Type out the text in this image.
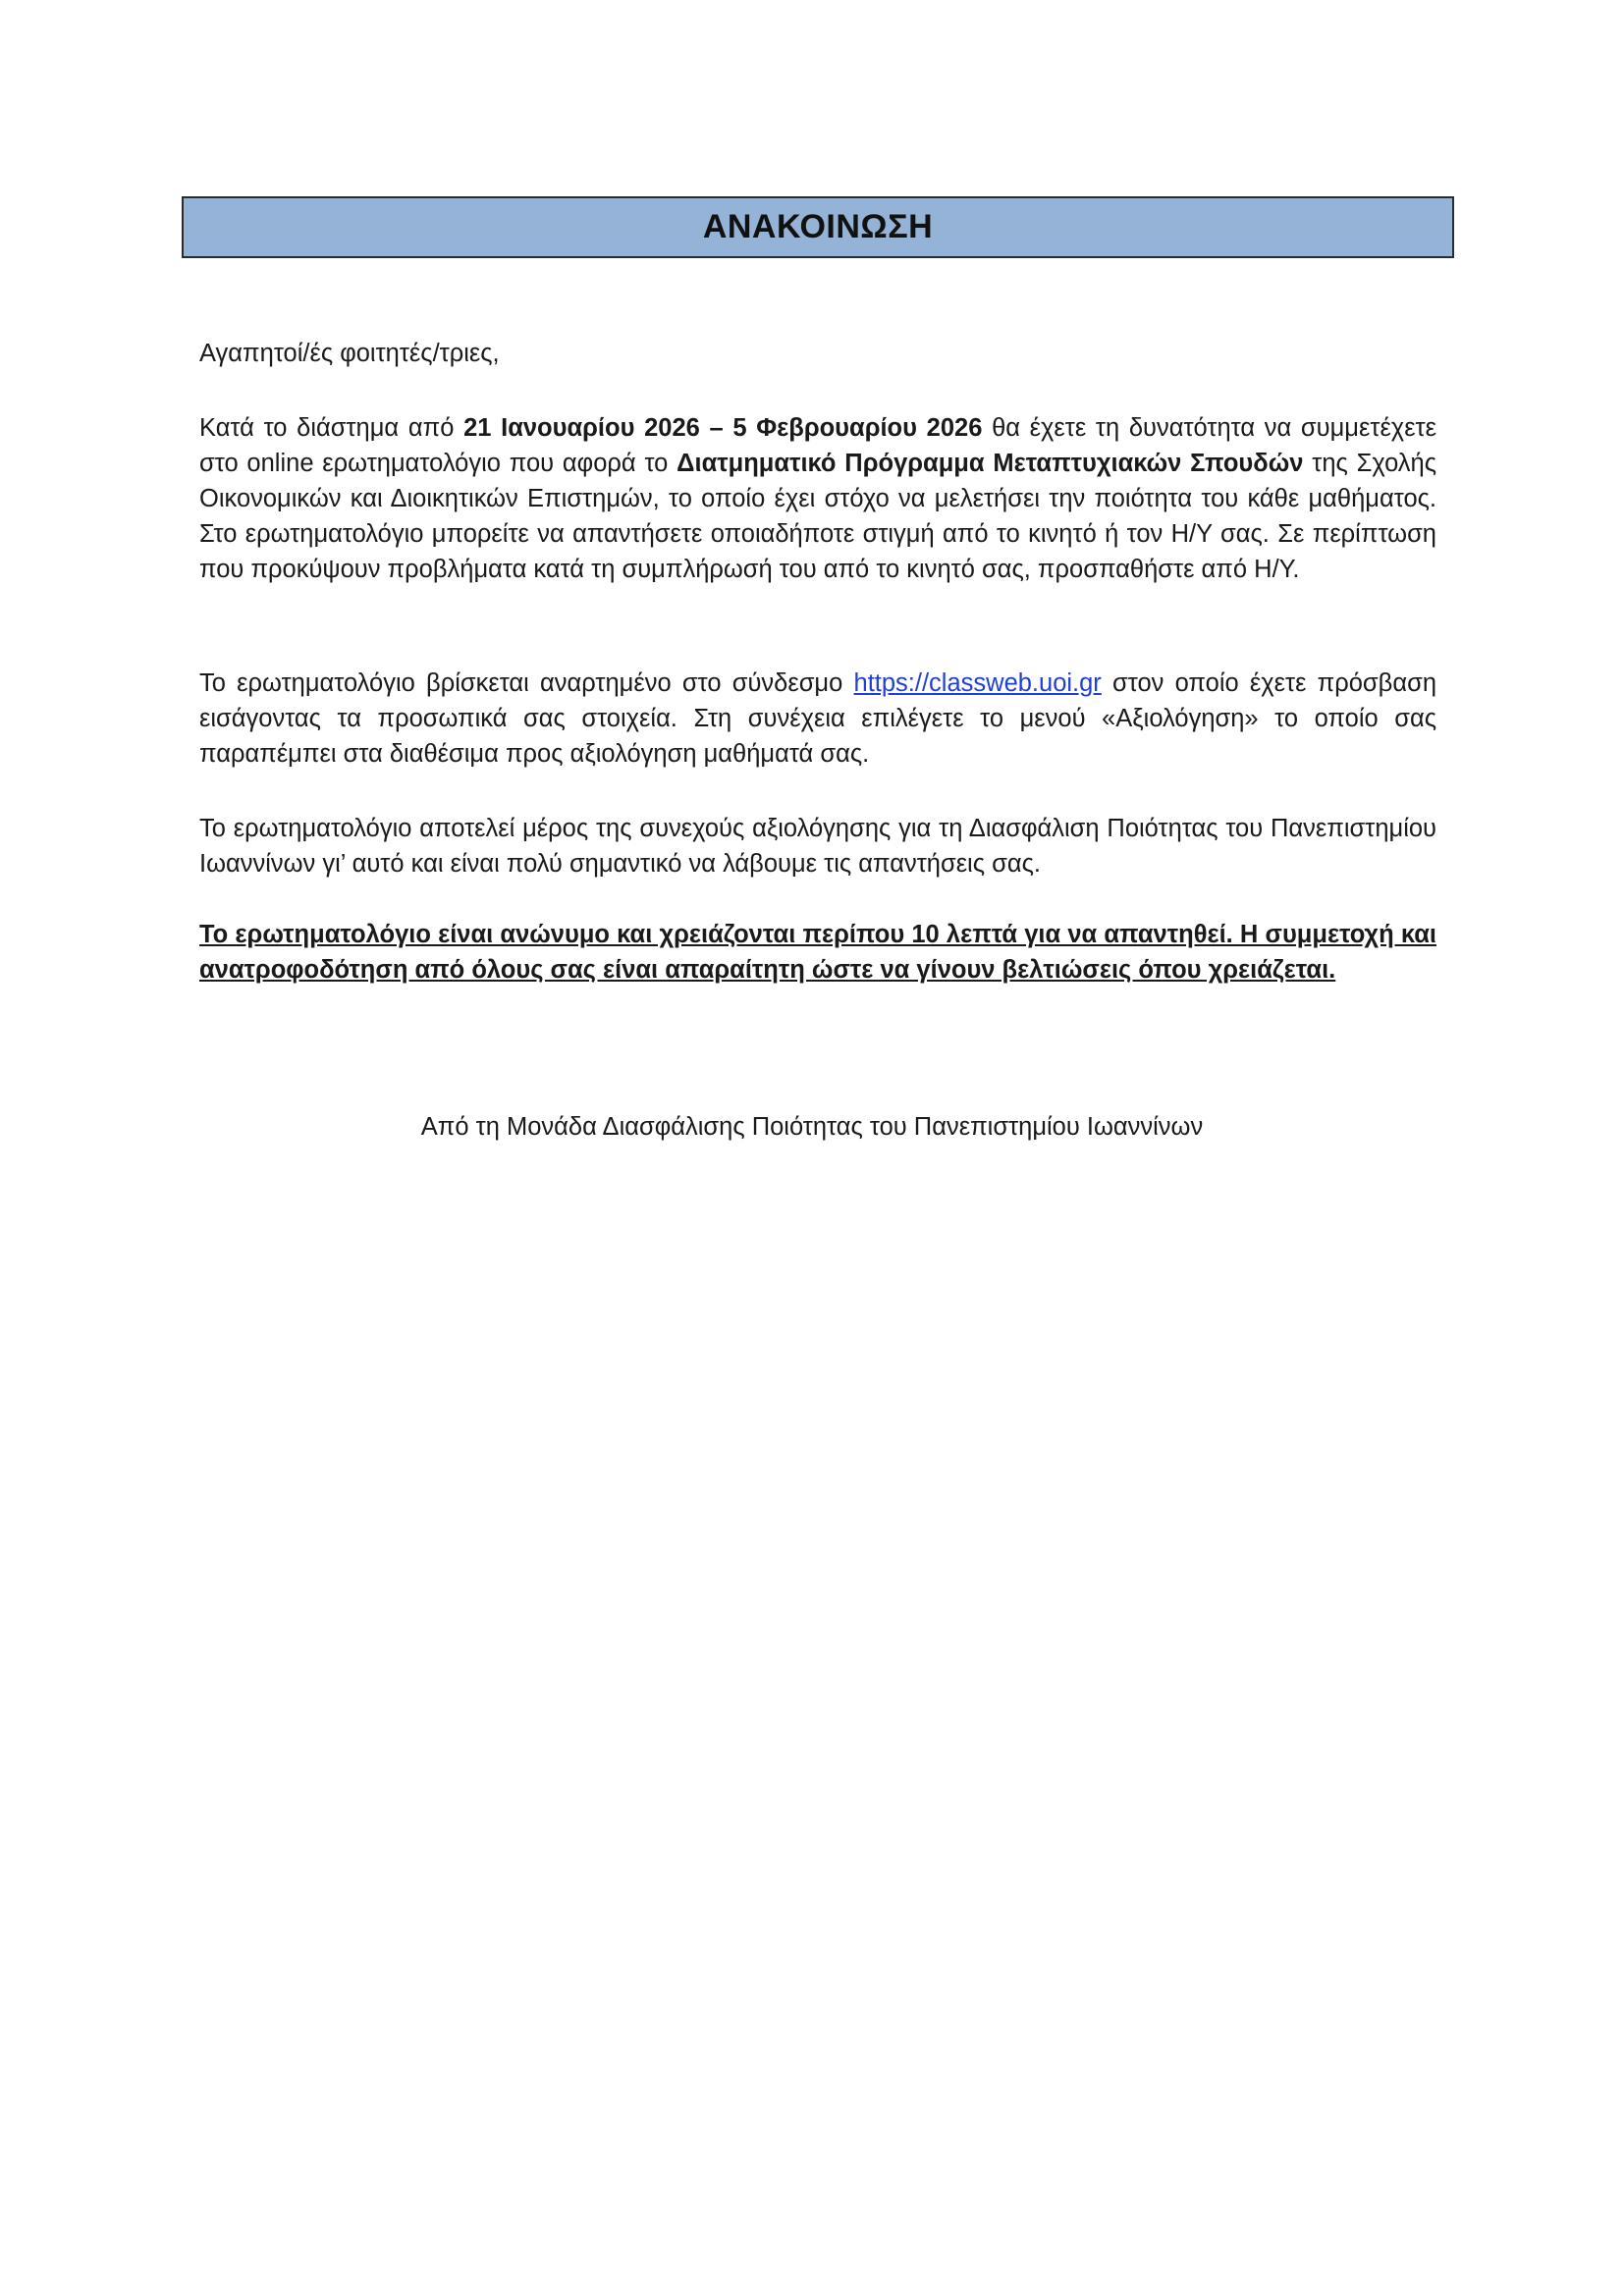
ΑΝΑΚΟΙΝΩΣΗ
Αγαπητοί/ές φοιτητές/τριες,
Κατά το διάστημα από 21 Ιανουαρίου 2026 – 5 Φεβρουαρίου 2026 θα έχετε τη δυνατότητα να συμμετέχετε στο online ερωτηματολόγιο που αφορά το Διατμηματικό Πρόγραμμα Μεταπτυχιακών Σπουδών της Σχολής Οικονομικών και Διοικητικών Επιστημών, το οποίο έχει στόχο να μελετήσει την ποιότητα του κάθε μαθήματος. Στο ερωτηματολόγιο μπορείτε να απαντήσετε οποιαδήποτε στιγμή από το κινητό ή τον Η/Υ σας. Σε περίπτωση που προκύψουν προβλήματα κατά τη συμπλήρωσή του από το κινητό σας, προσπαθήστε από Η/Υ.
Το ερωτηματολόγιο βρίσκεται αναρτημένο στο σύνδεσμο https://classweb.uoi.gr στον οποίο έχετε πρόσβαση εισάγοντας τα προσωπικά σας στοιχεία. Στη συνέχεια επιλέγετε το μενού «Αξιολόγηση» το οποίο σας παραπέμπει στα διαθέσιμα προς αξιολόγηση μαθήματά σας.
Το ερωτηματολόγιο αποτελεί μέρος της συνεχούς αξιολόγησης για τη Διασφάλιση Ποιότητας του Πανεπιστημίου Ιωαννίνων γι’ αυτό και είναι πολύ σημαντικό να λάβουμε τις απαντήσεις σας.
Το ερωτηματολόγιο είναι ανώνυμο και χρειάζονται περίπου 10 λεπτά για να απαντηθεί. Η συμμετοχή και ανατροφοδότηση από όλους σας είναι απαραίτητη ώστε να γίνουν βελτιώσεις όπου χρειάζεται.
Από τη Μονάδα Διασφάλισης Ποιότητας του Πανεπιστημίου Ιωαννίνων
